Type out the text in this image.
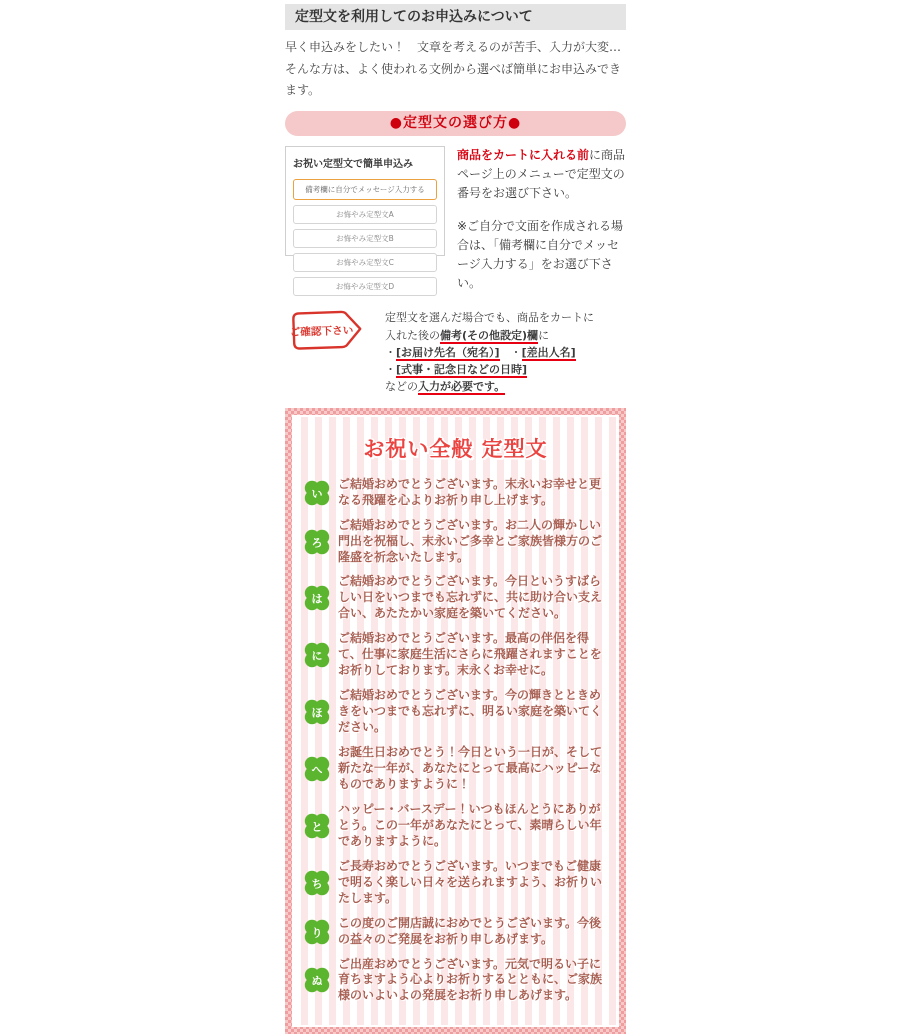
定型文を利用してのお申込みについて
早く申込みをしたい！　文章を考えるのが苦手、入力が大変…
そんな方は、よく使われる文例から選べば簡単にお申込みできます。
●定型文の選び方●
お祝い定型文で簡単申込み
備考欄に自分でメッセージ入力する
お悔やみ定型文A
お悔やみ定型文B
お悔やみ定型文C
お悔やみ定型文D

商品をカートに入れる前に商品ページ上のメニューで定型文の番号をお選び下さい。

※ご自分で文面を作成される場合は、「備考欄に自分でメッセージ入力する」をお選び下さい。

ご確認下さい

定型文を選んだ場合でも、商品をカートに

入れた後の備考(その他設定)欄に

・[お届け先名（宛名）]　・[差出人名]

・[式事・記念日などの日時]

などの入力が必要です。

お祝い全般 定型文
い
ご結婚おめでとうございます。末永いお幸せと更なる飛躍を心よりお祈り申し上げます。
ろ
ご結婚おめでとうございます。お二人の輝かしい門出を祝福し、末永いご多幸とご家族皆様方のご隆盛を祈念いたします。
は
ご結婚おめでとうございます。今日というすばらしい日をいつまでも忘れずに、共に助け合い支え合い、あたたかい家庭を築いてください。
に
ご結婚おめでとうございます。最高の伴侶を得て、仕事に家庭生活にさらに飛躍されますことをお祈りしております。末永くお幸せに。
ほ
ご結婚おめでとうございます。今の輝きとときめきをいつまでも忘れずに、明るい家庭を築いてください。
へ
お誕生日おめでとう！今日という一日が、そして新たな一年が、あなたにとって最高にハッピーなものでありますように！
と
ハッピー・バースデー！いつもほんとうにありがとう。この一年があなたにとって、素晴らしい年でありますように。
ち
ご長寿おめでとうございます。いつまでもご健康で明るく楽しい日々を送られますよう、お祈りいたします。
り
この度のご開店誠におめでとうございます。今後の益々のご発展をお祈り申しあげます。
ぬ
ご出産おめでとうございます。元気で明るい子に育ちますよう心よりお祈りするとともに、ご家族様のいよいよの発展をお祈り申しあげます。
